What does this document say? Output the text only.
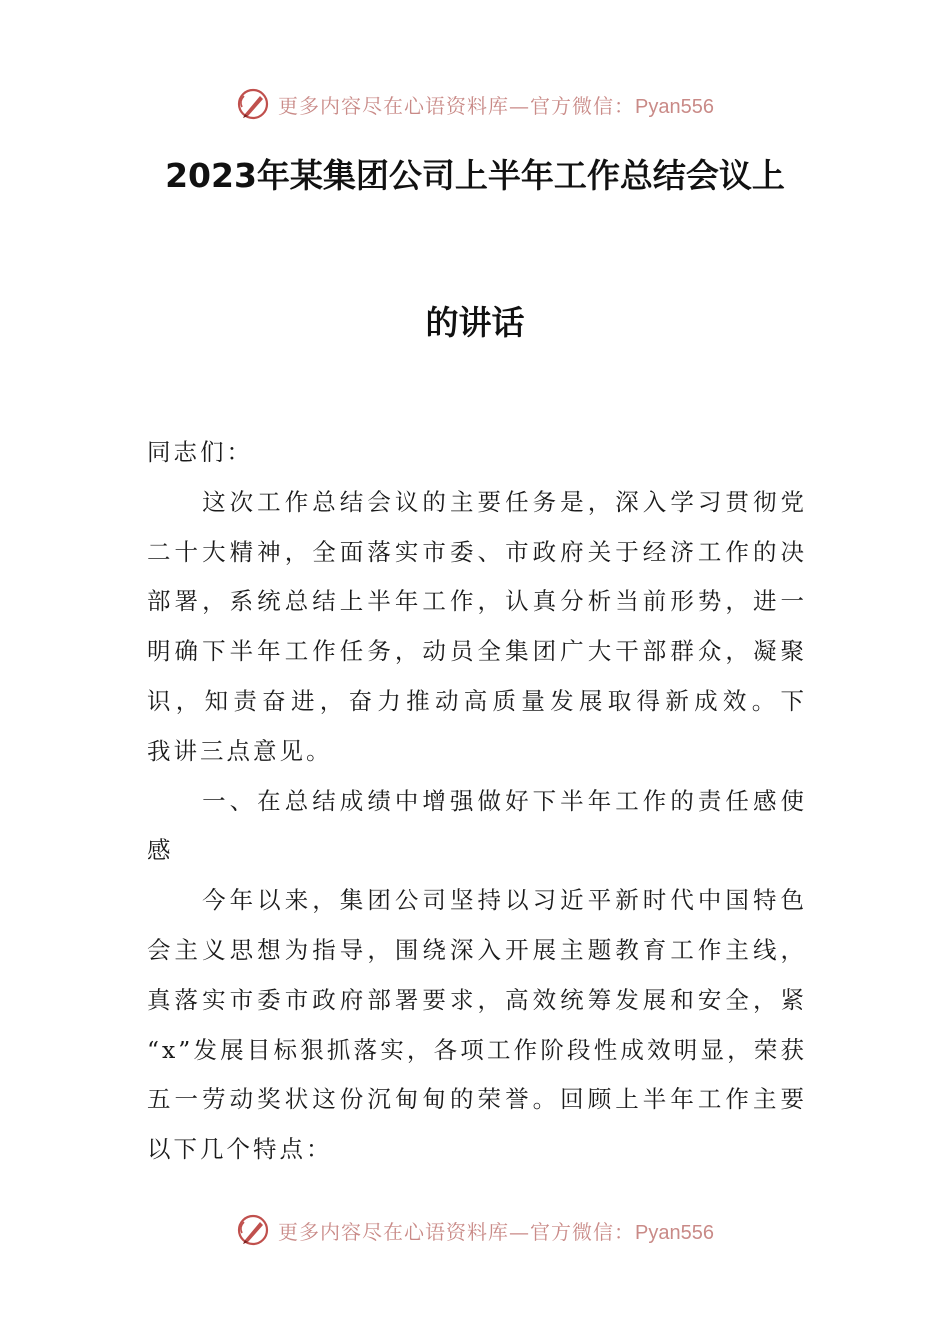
更多内容尽在心语资料库—官方微信：Pyan556
2023年某集团公司上半年工作总结会议上
的讲话
同志们：
　　这次工作总结会议的主要任务是，深入学习贯彻党
二十大精神，全面落实市委、市政府关于经济工作的决
部署，系统总结上半年工作，认真分析当前形势，进一
明确下半年工作任务，动员全集团广大干部群众，凝聚
识，知责奋进，奋力推动高质量发展取得新成效。下
我讲三点意见。
　　一、在总结成绩中增强做好下半年工作的责任感使
感
　　今年以来，集团公司坚持以习近平新时代中国特色
会主义思想为指导，围绕深入开展主题教育工作主线，
真落实市委市政府部署要求，高效统筹发展和安全，紧
“x”发展目标狠抓落实，各项工作阶段性成效明显，荣获
五一劳动奖状这份沉甸甸的荣誉。回顾上半年工作主要
以下几个特点：
更多内容尽在心语资料库—官方微信：Pyan556
